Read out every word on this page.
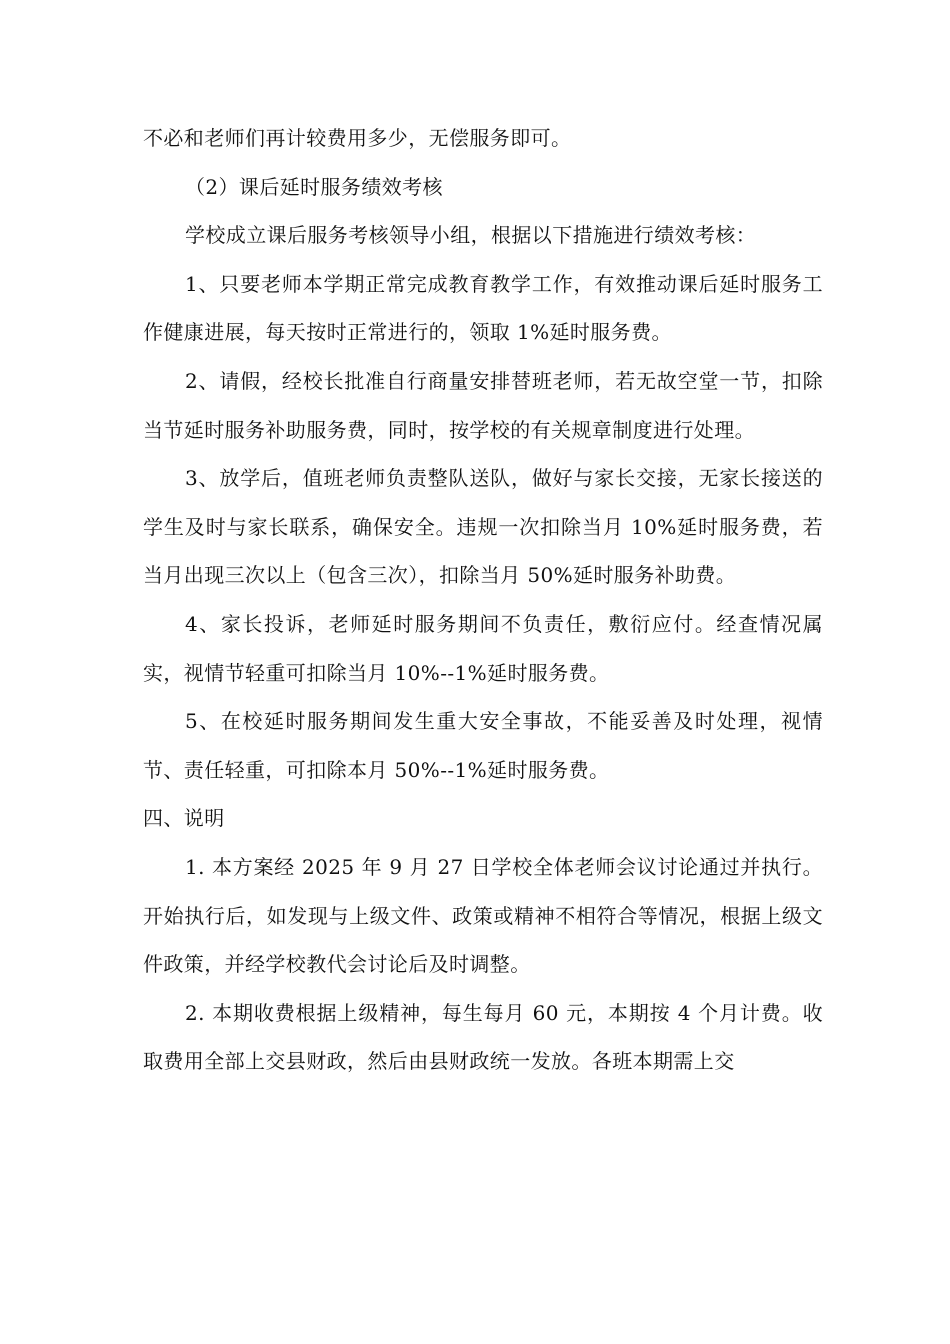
不必和老师们再计较费用多少，无偿服务即可。

（2）课后延时服务绩效考核

学校成立课后服务考核领导小组，根据以下措施进行绩效考核：

1、只要老师本学期正常完成教育教学工作，有效推动课后延时服务工作健康进展，每天按时正常进行的，领取 1%延时服务费。

2、请假，经校长批准自行商量安排替班老师，若无故空堂一节，扣除当节延时服务补助服务费，同时，按学校的有关规章制度进行处理。

3、放学后，值班老师负责整队送队，做好与家长交接，无家长接送的学生及时与家长联系，确保安全。违规一次扣除当月 10%延时服务费，若当月出现三次以上（包含三次），扣除当月 50%延时服务补助费。

4、家长投诉，老师延时服务期间不负责任，敷衍应付。经查情况属实，视情节轻重可扣除当月 10%--1%延时服务费。

5、在校延时服务期间发生重大安全事故，不能妥善及时处理，视情节、责任轻重，可扣除本月 50%--1%延时服务费。

四、说明

1. 本方案经 2025 年 9 月 27 日学校全体老师会议讨论通过并执行。开始执行后，如发现与上级文件、政策或精神不相符合等情况，根据上级文件政策，并经学校教代会讨论后及时调整。

2. 本期收费根据上级精神，每生每月 60 元，本期按 4 个月计费。收取费用全部上交县财政，然后由县财政统一发放。各班本期需上交
